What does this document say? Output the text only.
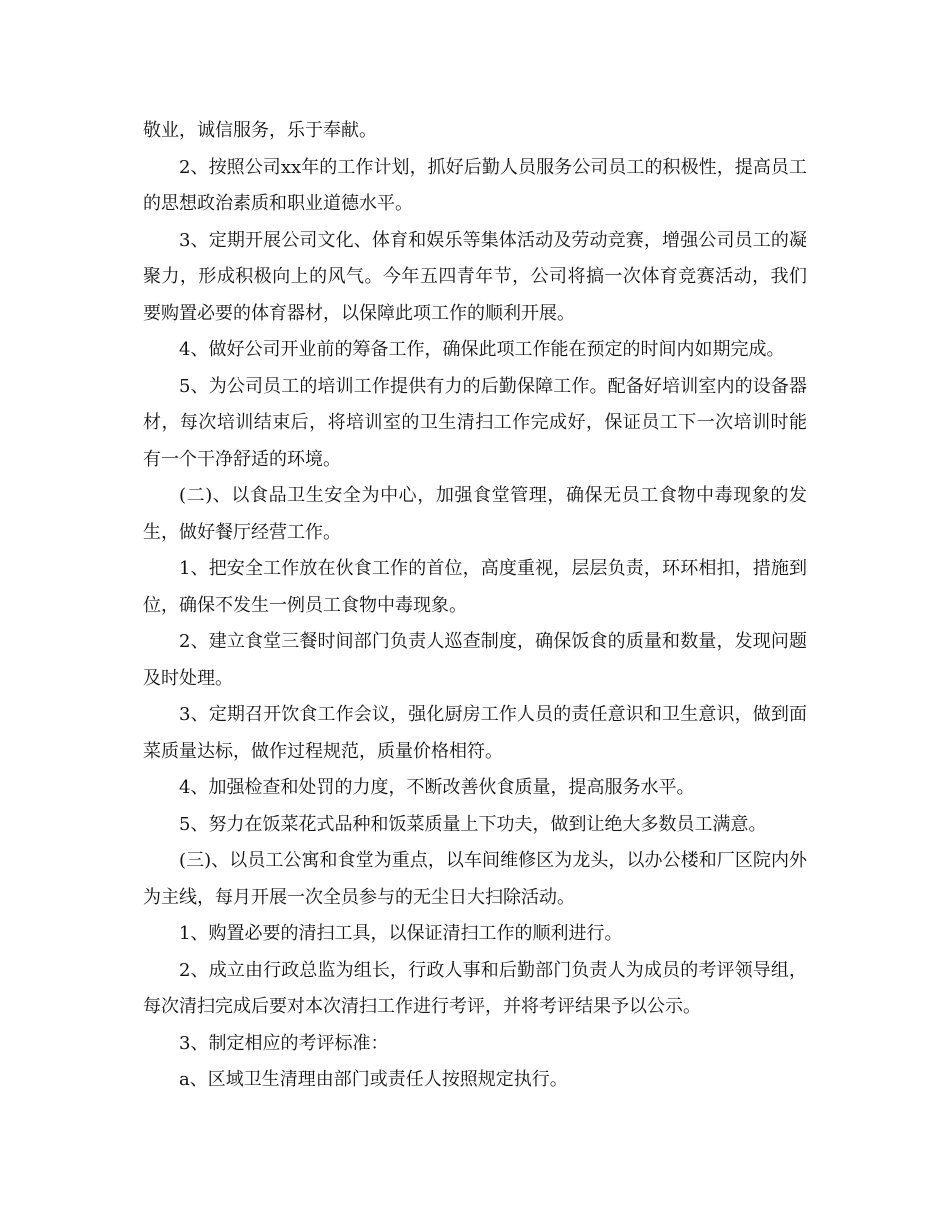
敬业，诚信服务，乐于奉献。

2、按照公司xx年的工作计划，抓好后勤人员服务公司员工的积极性，提高员工的思想政治素质和职业道德水平。

3、定期开展公司文化、体育和娱乐等集体活动及劳动竞赛，增强公司员工的凝聚力，形成积极向上的风气。今年五四青年节，公司将搞一次体育竞赛活动，我们要购置必要的体育器材，以保障此项工作的顺利开展。

4、做好公司开业前的筹备工作，确保此项工作能在预定的时间内如期完成。

5、为公司员工的培训工作提供有力的后勤保障工作。配备好培训室内的设备器材，每次培训结束后，将培训室的卫生清扫工作完成好，保证员工下一次培训时能有一个干净舒适的环境。

(二)、以食品卫生安全为中心，加强食堂管理，确保无员工食物中毒现象的发生，做好餐厅经营工作。

1、把安全工作放在伙食工作的首位，高度重视，层层负责，环环相扣，措施到位，确保不发生一例员工食物中毒现象。

2、建立食堂三餐时间部门负责人巡查制度，确保饭食的质量和数量，发现问题及时处理。

3、定期召开饮食工作会议，强化厨房工作人员的责任意识和卫生意识，做到面菜质量达标，做作过程规范，质量价格相符。

4、加强检查和处罚的力度，不断改善伙食质量，提高服务水平。

5、努力在饭菜花式品种和饭菜质量上下功夫，做到让绝大多数员工满意。

(三)、以员工公寓和食堂为重点，以车间维修区为龙头，以办公楼和厂区院内外为主线，每月开展一次全员参与的无尘日大扫除活动。

1、购置必要的清扫工具，以保证清扫工作的顺利进行。

2、成立由行政总监为组长，行政人事和后勤部门负责人为成员的考评领导组，每次清扫完成后要对本次清扫工作进行考评，并将考评结果予以公示。

3、制定相应的考评标准：

a、区域卫生清理由部门或责任人按照规定执行。
